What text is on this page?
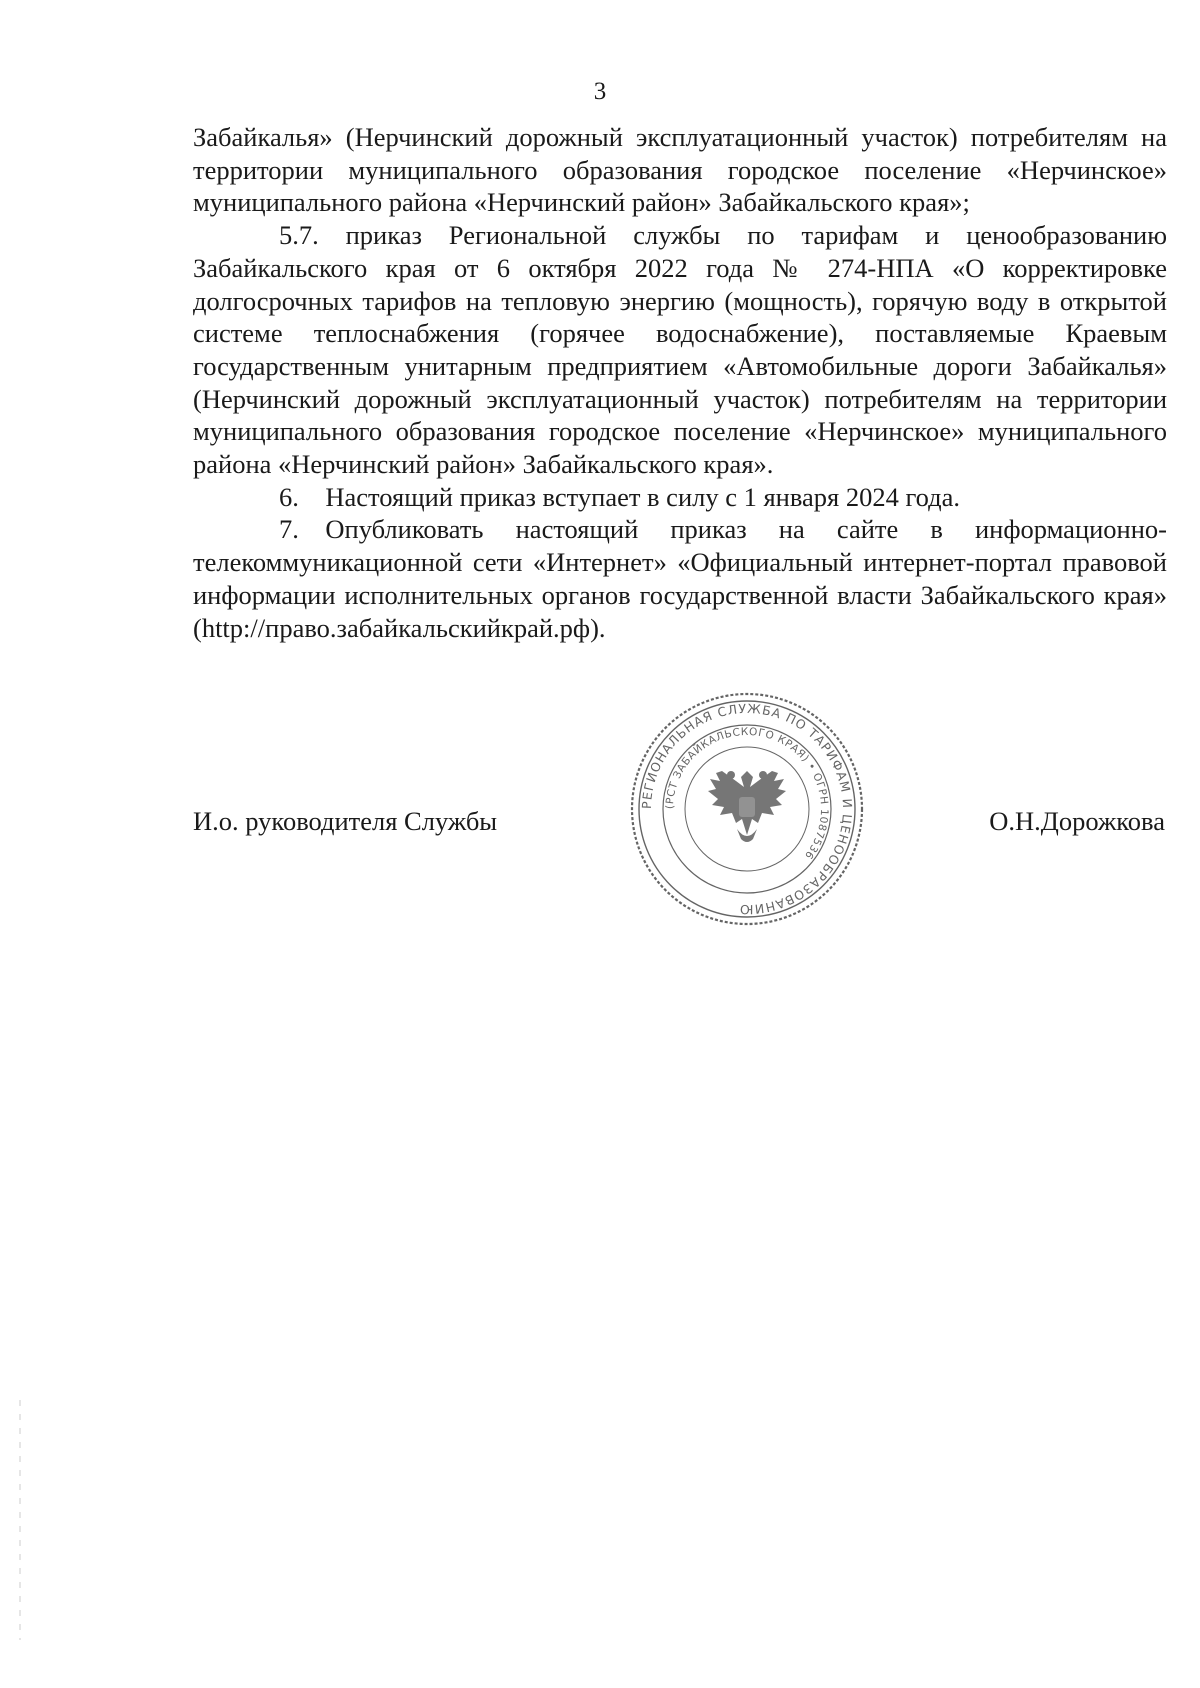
3

Забайкалья» (Нерчинский дорожный эксплуатационный участок) потребителям на территории муниципального образования городское поселение «Нерчинское» муниципального района «Нерчинский район» Забайкальского края»;

5.7. приказ Региональной службы по тарифам и ценообразованию Забайкальского края от 6 октября 2022 года № 274-НПА «О корректировке долгосрочных тарифов на тепловую энергию (мощность), горячую воду в открытой системе теплоснабжения (горячее водоснабжение), поставляемые Краевым государственным унитарным предприятием «Автомобильные дороги Забайкалья» (Нерчинский дорожный эксплуатационный участок) потребителям на территории муниципального образования городское поселение «Нерчинское» муниципального района «Нерчинский район» Забайкальского края».

6. Настоящий приказ вступает в силу с 1 января 2024 года.

7. Опубликовать настоящий приказ на сайте в информационно-телекоммуникационной сети «Интернет» «Официальный интернет-портал правовой информации исполнительных органов государственной власти Забайкальского края» (http://право.забайкальскийкрай.рф).

РЕГИОНАЛЬНАЯ СЛУЖБА ПО ТАРИФАМ И ЦЕНООБРАЗОВАНИЮ
(РСТ ЗАБАЙКАЛЬСКОГО КРАЯ) • ОГРН 1087536
И.о. руководителя Службы	О.Н.Дорожкова
